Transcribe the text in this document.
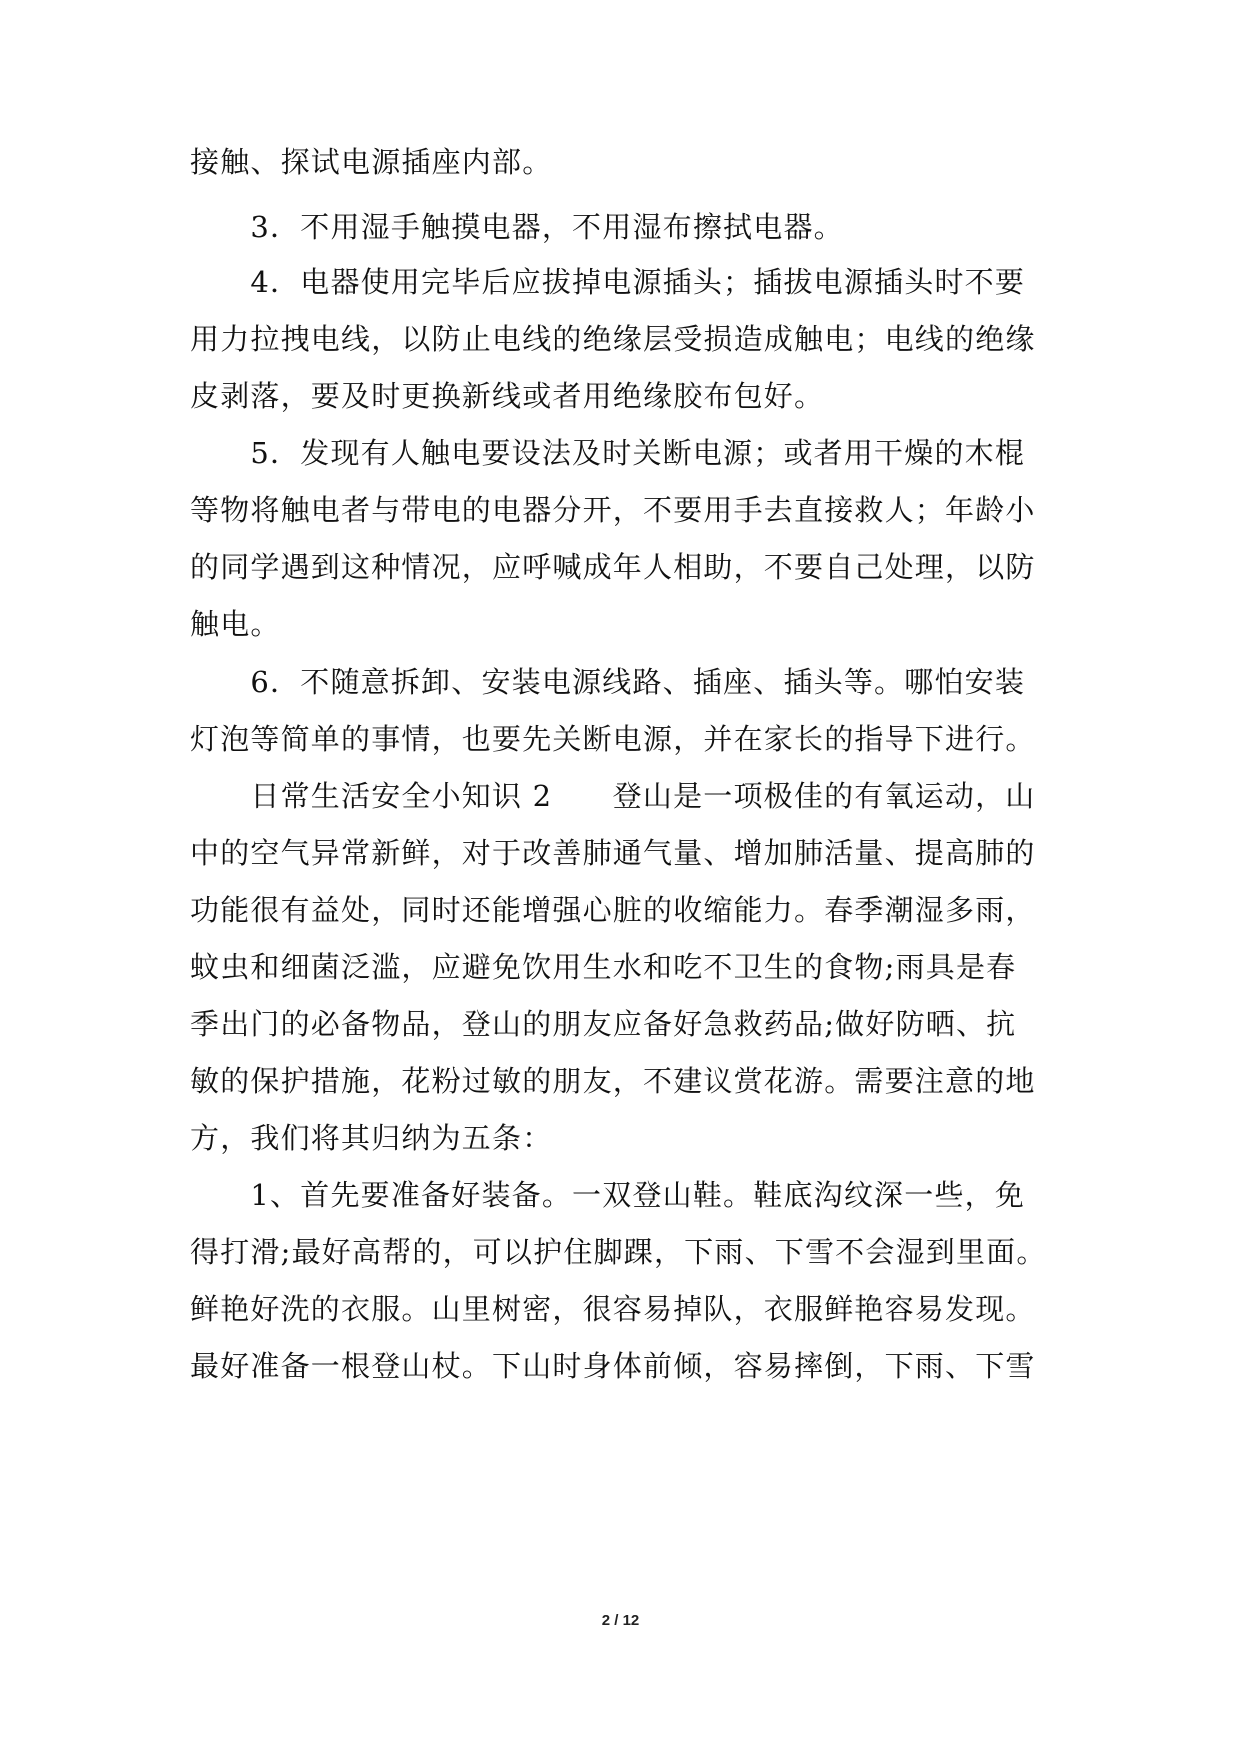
接触、探试电源插座内部。
　　3．不用湿手触摸电器，不用湿布擦拭电器。
　　4．电器使用完毕后应拔掉电源插头；插拔电源插头时不要
用力拉拽电线，以防止电线的绝缘层受损造成触电；电线的绝缘
皮剥落，要及时更换新线或者用绝缘胶布包好。
　　5．发现有人触电要设法及时关断电源；或者用干燥的木棍
等物将触电者与带电的电器分开，不要用手去直接救人；年龄小
的同学遇到这种情况，应呼喊成年人相助，不要自己处理，以防
触电。
　　6．不随意拆卸、安装电源线路、插座、插头等。哪怕安装
灯泡等简单的事情，也要先关断电源，并在家长的指导下进行。
　　日常生活安全小知识 2　　登山是一项极佳的有氧运动，山
中的空气异常新鲜，对于改善肺通气量、增加肺活量、提高肺的
功能很有益处，同时还能增强心脏的收缩能力。春季潮湿多雨，
蚊虫和细菌泛滥，应避免饮用生水和吃不卫生的食物;雨具是春
季出门的必备物品，登山的朋友应备好急救药品;做好防晒、抗
敏的保护措施，花粉过敏的朋友，不建议赏花游。需要注意的地
方，我们将其归纳为五条：
　　1、首先要准备好装备。一双登山鞋。鞋底沟纹深一些，免
得打滑;最好高帮的，可以护住脚踝，下雨、下雪不会湿到里面。
鲜艳好洗的衣服。山里树密，很容易掉队，衣服鲜艳容易发现。
最好准备一根登山杖。下山时身体前倾，容易摔倒，下雨、下雪
2 / 12
